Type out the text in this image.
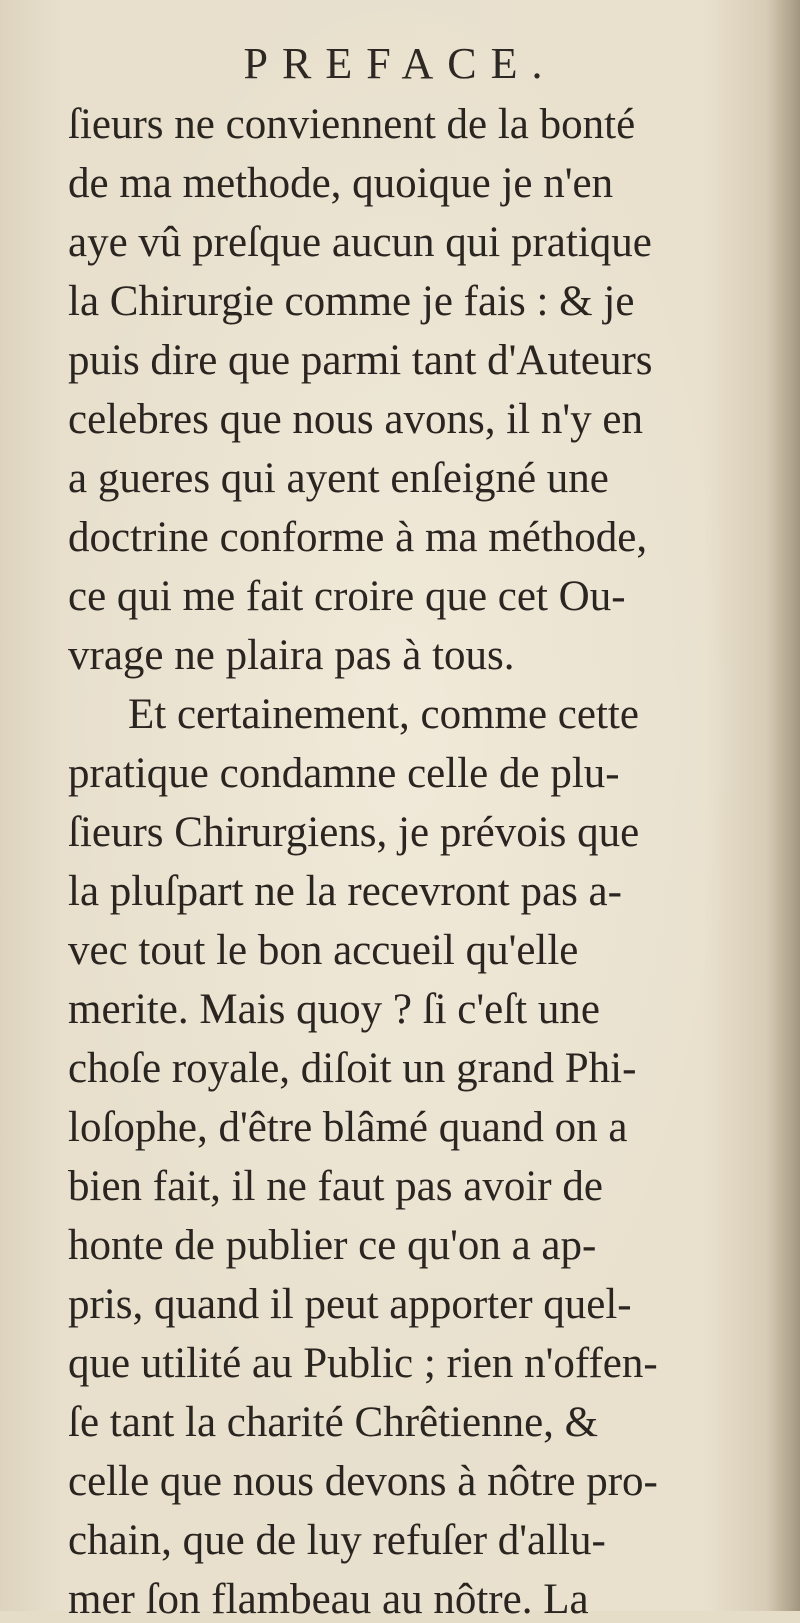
PREFACE.
ſieurs ne conviennent de la bonté
de ma methode, quoique je n'en
aye vû preſque aucun qui pratique
la Chirurgie comme je fais : & je
puis dire que parmi tant d'Auteurs
celebres que nous avons, il n'y en
a gueres qui ayent enſeigné une
doctrine conforme à ma méthode,
ce qui me fait croire que cet Ou-
vrage ne plaira pas à tous.
Et certainement, comme cette
pratique condamne celle de plu-
ſieurs Chirurgiens, je prévois que
la pluſpart ne la recevront pas a-
vec tout le bon accueil qu'elle
merite. Mais quoy ? ſi c'eſt une
choſe royale, diſoit un grand Phi-
loſophe, d'être blâmé quand on a
bien fait, il ne faut pas avoir de
honte de publier ce qu'on a ap-
pris, quand il peut apporter quel-
que utilité au Public ; rien n'offen-
ſe tant la charité Chrêtienne, &
celle que nous devons à nôtre pro-
chain, que de luy refuſer d'allu-
mer ſon flambeau au nôtre. La
